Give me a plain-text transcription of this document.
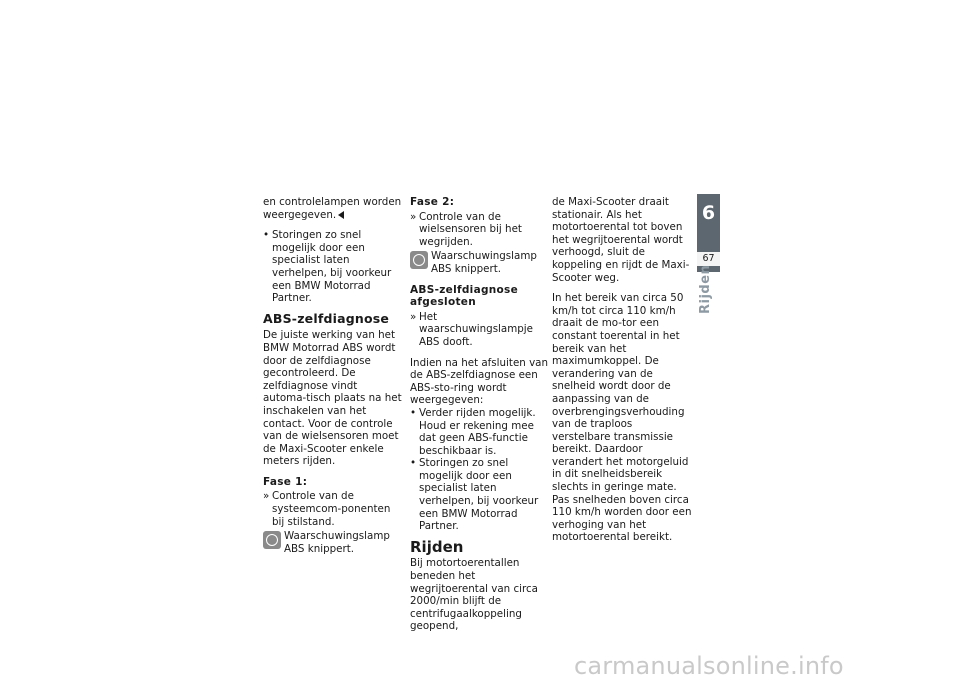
en controlelampen worden
weergegeven.

• Storingen zo snel mogelijk door een specialist laten verhelpen, bij voorkeur een BMW Motorrad Partner.
ABS-zelfdiagnose

De juiste werking van het BMW Motorrad ABS wordt door de zelfdiagnose gecontroleerd. De zelfdiagnose vindt automa-tisch plaats na het inschakelen van het contact. Voor de controle van de wielsensoren moet de Maxi-Scooter enkele meters rijden.

Fase 1:
» Controle van de systeemcom-ponenten bij stilstand.
Waarschuwingslamp ABS knippert.
Fase 2:
» Controle van de wielsensoren bij het wegrijden.
Waarschuwingslamp ABS knippert.
ABS-zelfdiagnose afgesloten
» Het waarschuwingslampje ABS dooft.

Indien na het afsluiten van de ABS-zelfdiagnose een ABS-sto-ring wordt weergegeven:

• Verder rijden mogelijk. Houd er rekening mee dat geen ABS-functie beschikbaar is.
• Storingen zo snel mogelijk door een specialist laten verhelpen, bij voorkeur een BMW Motorrad Partner.
Rijden

Bij motortoerentallen beneden het wegrijtoerental van circa 2000/min blijft de centrifugaalkoppeling geopend,

de Maxi-Scooter draait stationair. Als het motortoerental tot boven het wegrijtoerental wordt verhoogd, sluit de koppeling en rijdt de Maxi-Scooter weg.

In het bereik van circa 50 km/h tot circa 110 km/h draait de mo-tor een constant toerental in het bereik van het maximumkoppel. De verandering van de snelheid wordt door de aanpassing van de overbrengingsverhouding van de traploos verstelbare transmissie bereikt. Daardoor verandert het motorgeluid in dit snelheidsbereik slechts in geringe mate.

Pas snelheden boven circa 110 km/h worden door een verhoging van het motortoerental bereikt.

6
67
Rijden
carmanualsonline.info
